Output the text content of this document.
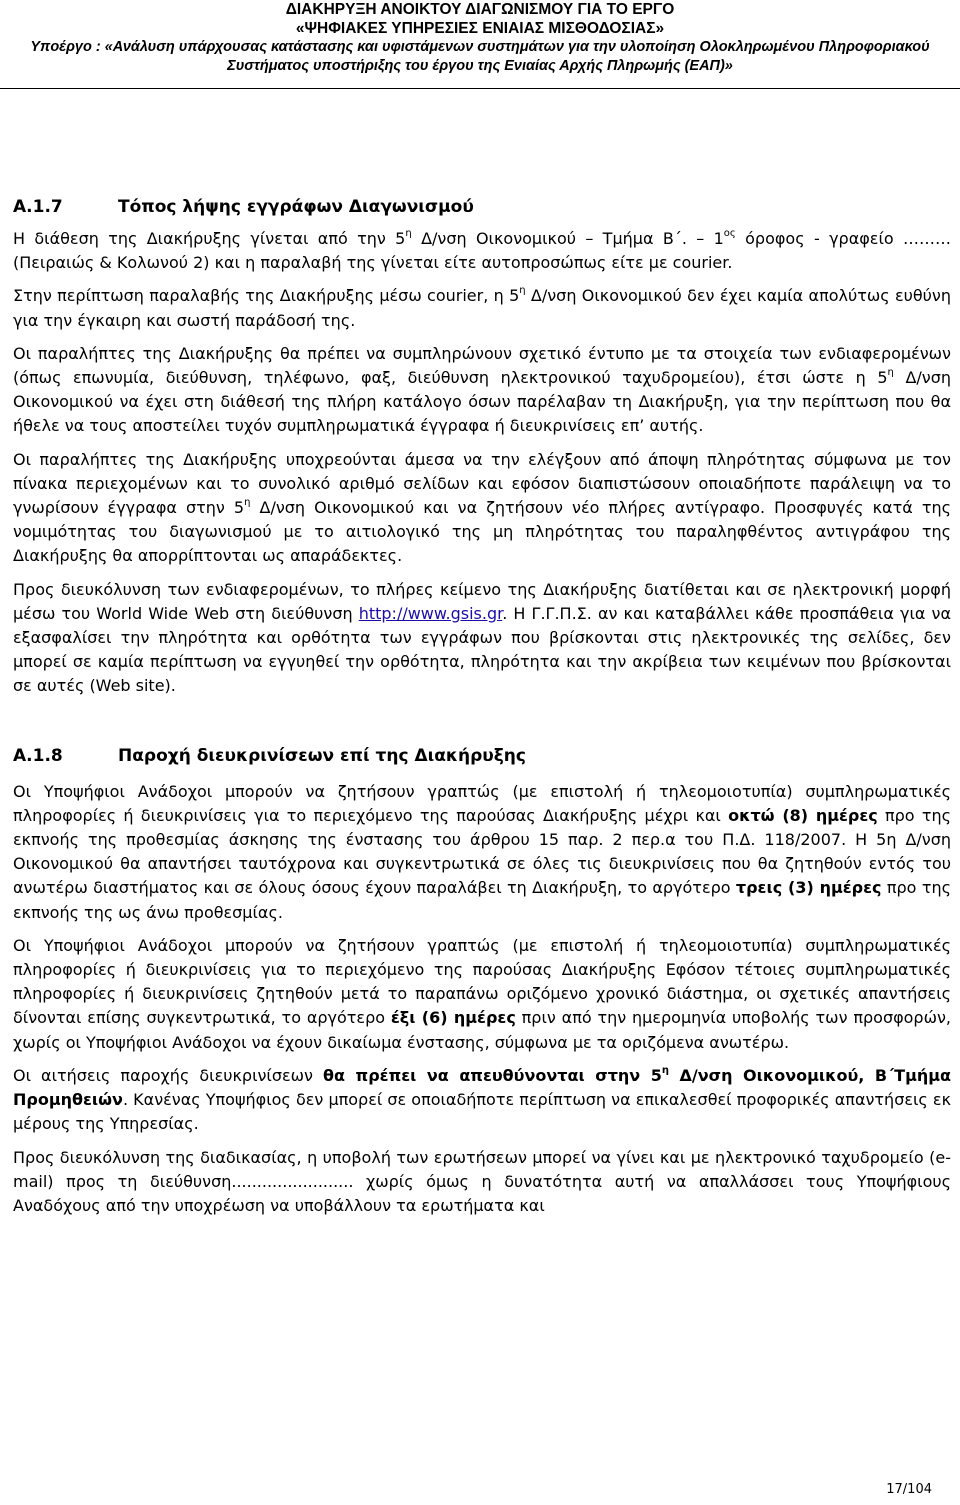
ΔΙΑΚΗΡΥΞΗ ΑΝΟΙΚΤΟΥ ΔΙΑΓΩΝΙΣΜΟΥ ΓΙΑ ΤΟ ΕΡΓΟ
«ΨΗΦΙΑΚΕΣ ΥΠΗΡΕΣΙΕΣ ΕΝΙΑΙΑΣ ΜΙΣΘΟΔΟΣΙΑΣ»
Υποέργο : «Ανάλυση υπάρχουσας κατάστασης και υφιστάμενων συστημάτων για την υλοποίηση Ολοκληρωμένου Πληροφοριακού
Συστήματος υποστήριξης του έργου της Ενιαίας Αρχής Πληρωμής (ΕΑΠ)»
Α.1.7	Τόπος λήψης εγγράφων Διαγωνισμού

Η διάθεση της Διακήρυξης γίνεται από την $5^\eta$ Δ/νση Οικονομικού – Τμήμα Β΄. – $1^{o\varsigma}$ όροφος - γραφείο ……… (Πειραιώς & Κολωνού 2) και η παραλαβή της γίνεται είτε αυτοπροσώπως είτε με courier.

Στην περίπτωση παραλαβής της Διακήρυξης μέσω courier, η $5^\eta$ Δ/νση Οικονομικού δεν έχει καμία απολύτως ευθύνη για την έγκαιρη και σωστή παράδοσή της.

Οι παραλήπτες της Διακήρυξης θα πρέπει να συμπληρώνουν σχετικό έντυπο με τα στοιχεία των ενδιαφερομένων (όπως επωνυμία, διεύθυνση, τηλέφωνο, φαξ, διεύθυνση ηλεκτρονικού ταχυδρομείου), έτσι ώστε η $5^\eta$ Δ/νση Οικονομικού να έχει στη διάθεσή της πλήρη κατάλογο όσων παρέλαβαν τη Διακήρυξη, για την περίπτωση που θα ήθελε να τους αποστείλει τυχόν συμπληρωματικά έγγραφα ή διευκρινίσεις επ’ αυτής.

Οι παραλήπτες της Διακήρυξης υποχρεούνται άμεσα να την ελέγξουν από άποψη πληρότητας σύμφωνα με τον πίνακα περιεχομένων και το συνολικό αριθμό σελίδων και εφόσον διαπιστώσουν οποιαδήποτε παράλειψη να το γνωρίσουν έγγραφα στην $5^\eta$ Δ/νση Οικονομικού και να ζητήσουν νέο πλήρες αντίγραφο. Προσφυγές κατά της νομιμότητας του διαγωνισμού με το αιτιολογικό της μη πληρότητας του παραληφθέντος αντιγράφου της Διακήρυξης θα απορρίπτονται ως απαράδεκτες.

Προς διευκόλυνση των ενδιαφερομένων, το πλήρες κείμενο της Διακήρυξης διατίθεται και σε ηλεκτρονική μορφή μέσω του World Wide Web στη διεύθυνση http://www.gsis.gr. Η Γ.Γ.Π.Σ. αν και καταβάλλει κάθε προσπάθεια για να εξασφαλίσει την πληρότητα και ορθότητα των εγγράφων που βρίσκονται στις ηλεκτρονικές της σελίδες, δεν μπορεί σε καμία περίπτωση να εγγυηθεί την ορθότητα, πληρότητα και την ακρίβεια των κειμένων που βρίσκονται σε αυτές (Web site).

Α.1.8	Παροχή διευκρινίσεων επί της Διακήρυξης

Οι Υποψήφιοι Ανάδοχοι μπορούν να ζητήσουν γραπτώς (με επιστολή ή τηλεομοιοτυπία) συμπληρωματικές πληροφορίες ή διευκρινίσεις για το περιεχόμενο της παρούσας Διακήρυξης μέχρι και οκτώ (8) ημέρες προ της εκπνοής της προθεσμίας άσκησης της ένστασης του άρθρου 15 παρ. 2 περ.α του Π.Δ. 118/2007. Η 5η Δ/νση Οικονομικού θα απαντήσει ταυτόχρονα και συγκεντρωτικά σε όλες τις διευκρινίσεις που θα ζητηθούν εντός του ανωτέρω διαστήματος και σε όλους όσους έχουν παραλάβει τη Διακήρυξη, το αργότερο τρεις (3) ημέρες προ της εκπνοής της ως άνω προθεσμίας.

Οι Υποψήφιοι Ανάδοχοι μπορούν να ζητήσουν γραπτώς (με επιστολή ή τηλεομοιοτυπία) συμπληρωματικές πληροφορίες ή διευκρινίσεις για το περιεχόμενο της παρούσας Διακήρυξης Εφόσον τέτοιες συμπληρωματικές πληροφορίες ή διευκρινίσεις ζητηθούν μετά το παραπάνω οριζόμενο χρονικό διάστημα, οι σχετικές απαντήσεις δίνονται επίσης συγκεντρωτικά, το αργότερο έξι (6) ημέρες πριν από την ημερομηνία υποβολής των προσφορών, χωρίς οι Υποψήφιοι Ανάδοχοι να έχουν δικαίωμα ένστασης, σύμφωνα με τα οριζόμενα ανωτέρω.

Οι αιτήσεις παροχής διευκρινίσεων θα πρέπει να απευθύνονται στην $5^\eta$ Δ/νση Οικονομικού, Β΄Τμήμα Προμηθειών. Κανένας Υποψήφιος δεν μπορεί σε οποιαδήποτε περίπτωση να επικαλεσθεί προφορικές απαντήσεις εκ μέρους της Υπηρεσίας.

Προς διευκόλυνση της διαδικασίας, η υποβολή των ερωτήσεων μπορεί να γίνει και με ηλεκτρονικό ταχυδρομείο (e-mail) προς τη διεύθυνση........................ χωρίς όμως η δυνατότητα αυτή να απαλλάσσει τους Υποψήφιους Αναδόχους από την υποχρέωση να υποβάλλουν τα ερωτήματα και

17/104
